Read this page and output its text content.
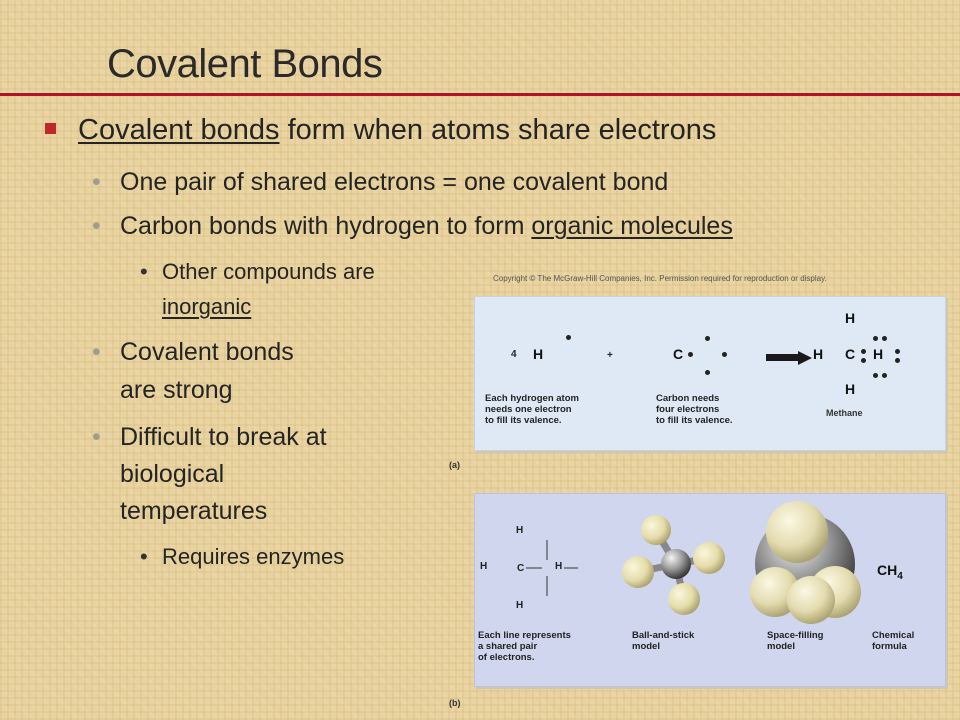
Covalent Bonds
Covalent bonds form when atoms share electrons
• One pair of shared electrons = one covalent bond
• Carbon bonds with hydrogen to form organic molecules
• Other compounds are
inorganic
• Covalent bonds
are strong
• Difficult to break at
biological
temperatures
• Requires enzymes
Copyright © The McGraw-Hill Companies, Inc. Permission required for reproduction or display.
(a)
4 H	+	C
H
H C H
H
Methane
Each hydrogen atom
needs one electron
to fill its valence.
Carbon needs
four electrons
to fill its valence.
(b)
H
H	C	H
H
$CH_4$
Each line represents
a shared pair
of electrons.
Ball-and-stick
model
Space-filling
model
Chemical
formula
